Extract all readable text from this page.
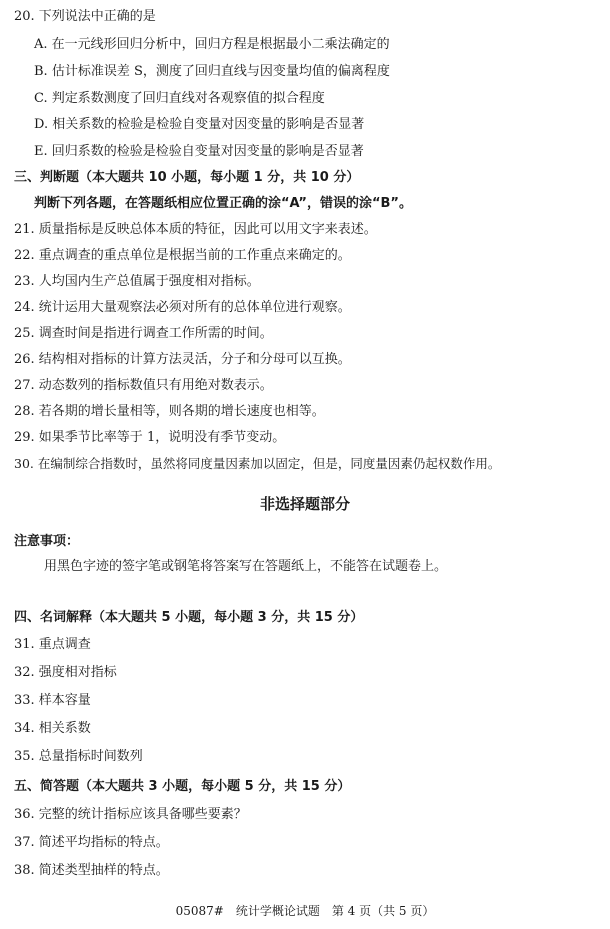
20. 下列说法中正确的是
A. 在一元线形回归分析中，回归方程是根据最小二乘法确定的
B. 估计标准误差 S，测度了回归直线与因变量均值的偏离程度
C. 判定系数测度了回归直线对各观察值的拟合程度
D. 相关系数的检验是检验自变量对因变量的影响是否显著
E. 回归系数的检验是检验自变量对因变量的影响是否显著
三、判断题（本大题共 10 小题，每小题 1 分，共 10 分）
判断下列各题，在答题纸相应位置正确的涂“A”，错误的涂“B”。
21. 质量指标是反映总体本质的特征，因此可以用文字来表述。
22. 重点调查的重点单位是根据当前的工作重点来确定的。
23. 人均国内生产总值属于强度相对指标。
24. 统计运用大量观察法必须对所有的总体单位进行观察。
25. 调查时间是指进行调查工作所需的时间。
26. 结构相对指标的计算方法灵活，分子和分母可以互换。
27. 动态数列的指标数值只有用绝对数表示。
28. 若各期的增长量相等，则各期的增长速度也相等。
29. 如果季节比率等于 1，说明没有季节变动。
30. 在编制综合指数时，虽然将同度量因素加以固定，但是，同度量因素仍起权数作用。
非选择题部分
注意事项：
用黑色字迹的签字笔或钢笔将答案写在答题纸上，不能答在试题卷上。
四、名词解释（本大题共 5 小题，每小题 3 分，共 15 分）
31. 重点调查
32. 强度相对指标
33. 样本容量
34. 相关系数
35. 总量指标时间数列
五、简答题（本大题共 3 小题，每小题 5 分，共 15 分）
36. 完整的统计指标应该具备哪些要素？
37. 简述平均指标的特点。
38. 简述类型抽样的特点。
05087#　统计学概论试题　第 4 页（共 5 页）
